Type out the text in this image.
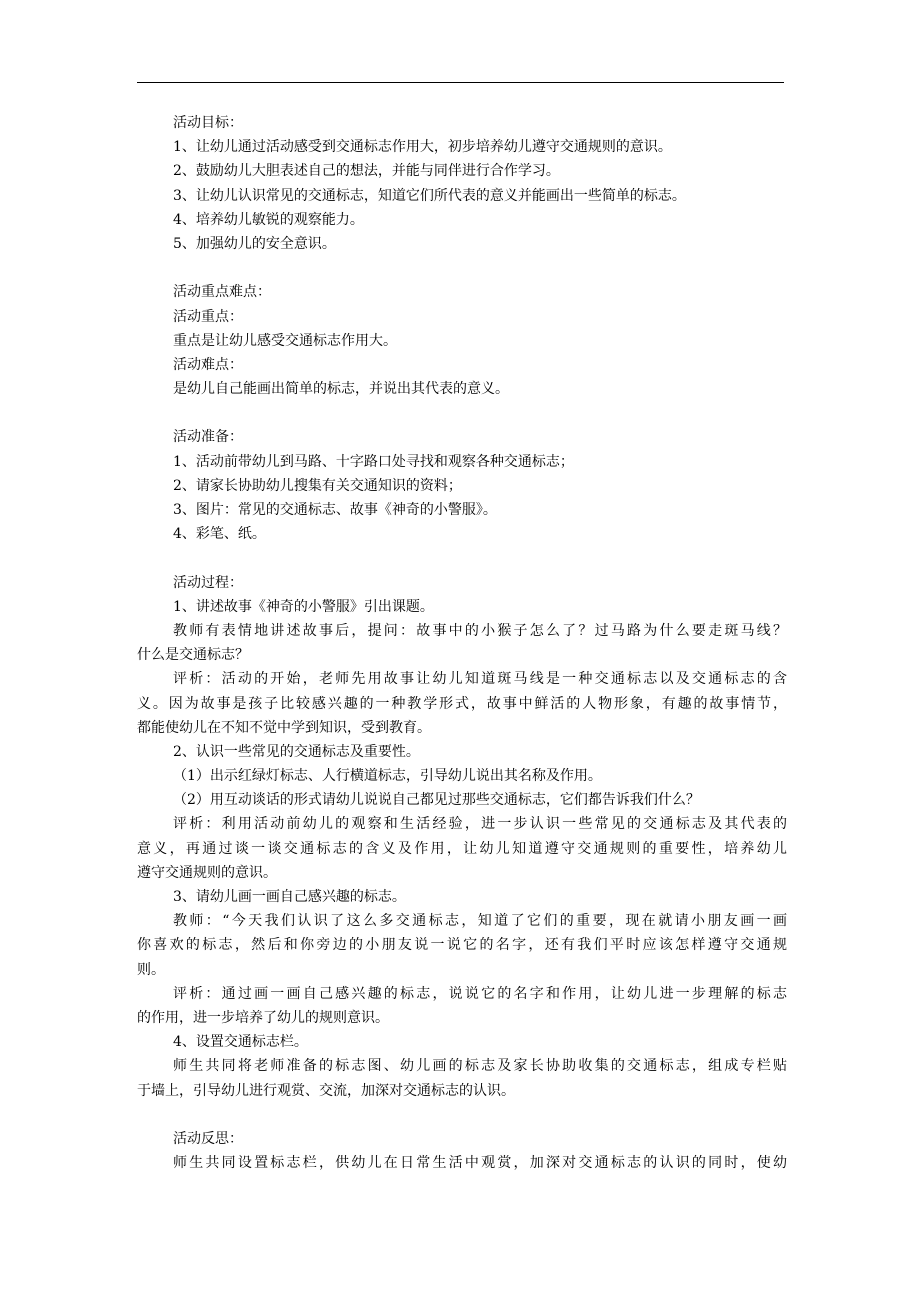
活动目标：
1、让幼儿通过活动感受到交通标志作用大，初步培养幼儿遵守交通规则的意识。
2、鼓励幼儿大胆表述自己的想法，并能与同伴进行合作学习。
3、让幼儿认识常见的交通标志，知道它们所代表的意义并能画出一些简单的标志。
4、培养幼儿敏锐的观察能力。
5、加强幼儿的安全意识。
活动重点难点：
活动重点：
重点是让幼儿感受交通标志作用大。
活动难点：
是幼儿自己能画出简单的标志，并说出其代表的意义。
活动准备：
1、活动前带幼儿到马路、十字路口处寻找和观察各种交通标志；
2、请家长协助幼儿搜集有关交通知识的资料；
3、图片：常见的交通标志、故事《神奇的小警服》。
4、彩笔、纸。
活动过程：
1、讲述故事《神奇的小警服》引出课题。
教师有表情地讲述故事后，提问：故事中的小猴子怎么了？过马路为什么要走斑马线？
什么是交通标志？
评析：活动的开始，老师先用故事让幼儿知道斑马线是一种交通标志以及交通标志的含
义。因为故事是孩子比较感兴趣的一种教学形式，故事中鲜活的人物形象，有趣的故事情节，
都能使幼儿在不知不觉中学到知识，受到教育。
2、认识一些常见的交通标志及重要性。
（1）出示红绿灯标志、人行横道标志，引导幼儿说出其名称及作用。
（2）用互动谈话的形式请幼儿说说自己都见过那些交通标志，它们都告诉我们什么？
评析：利用活动前幼儿的观察和生活经验，进一步认识一些常见的交通标志及其代表的
意义，再通过谈一谈交通标志的含义及作用，让幼儿知道遵守交通规则的重要性，培养幼儿
遵守交通规则的意识。
3、请幼儿画一画自己感兴趣的标志。
教师：“今天我们认识了这么多交通标志，知道了它们的重要，现在就请小朋友画一画
你喜欢的标志，然后和你旁边的小朋友说一说它的名字，还有我们平时应该怎样遵守交通规
则。
评析：通过画一画自己感兴趣的标志，说说它的名字和作用，让幼儿进一步理解的标志
的作用，进一步培养了幼儿的规则意识。
4、设置交通标志栏。
师生共同将老师准备的标志图、幼儿画的标志及家长协助收集的交通标志，组成专栏贴
于墙上，引导幼儿进行观赏、交流，加深对交通标志的认识。
活动反思：
师生共同设置标志栏，供幼儿在日常生活中观赏，加深对交通标志的认识的同时，使幼
